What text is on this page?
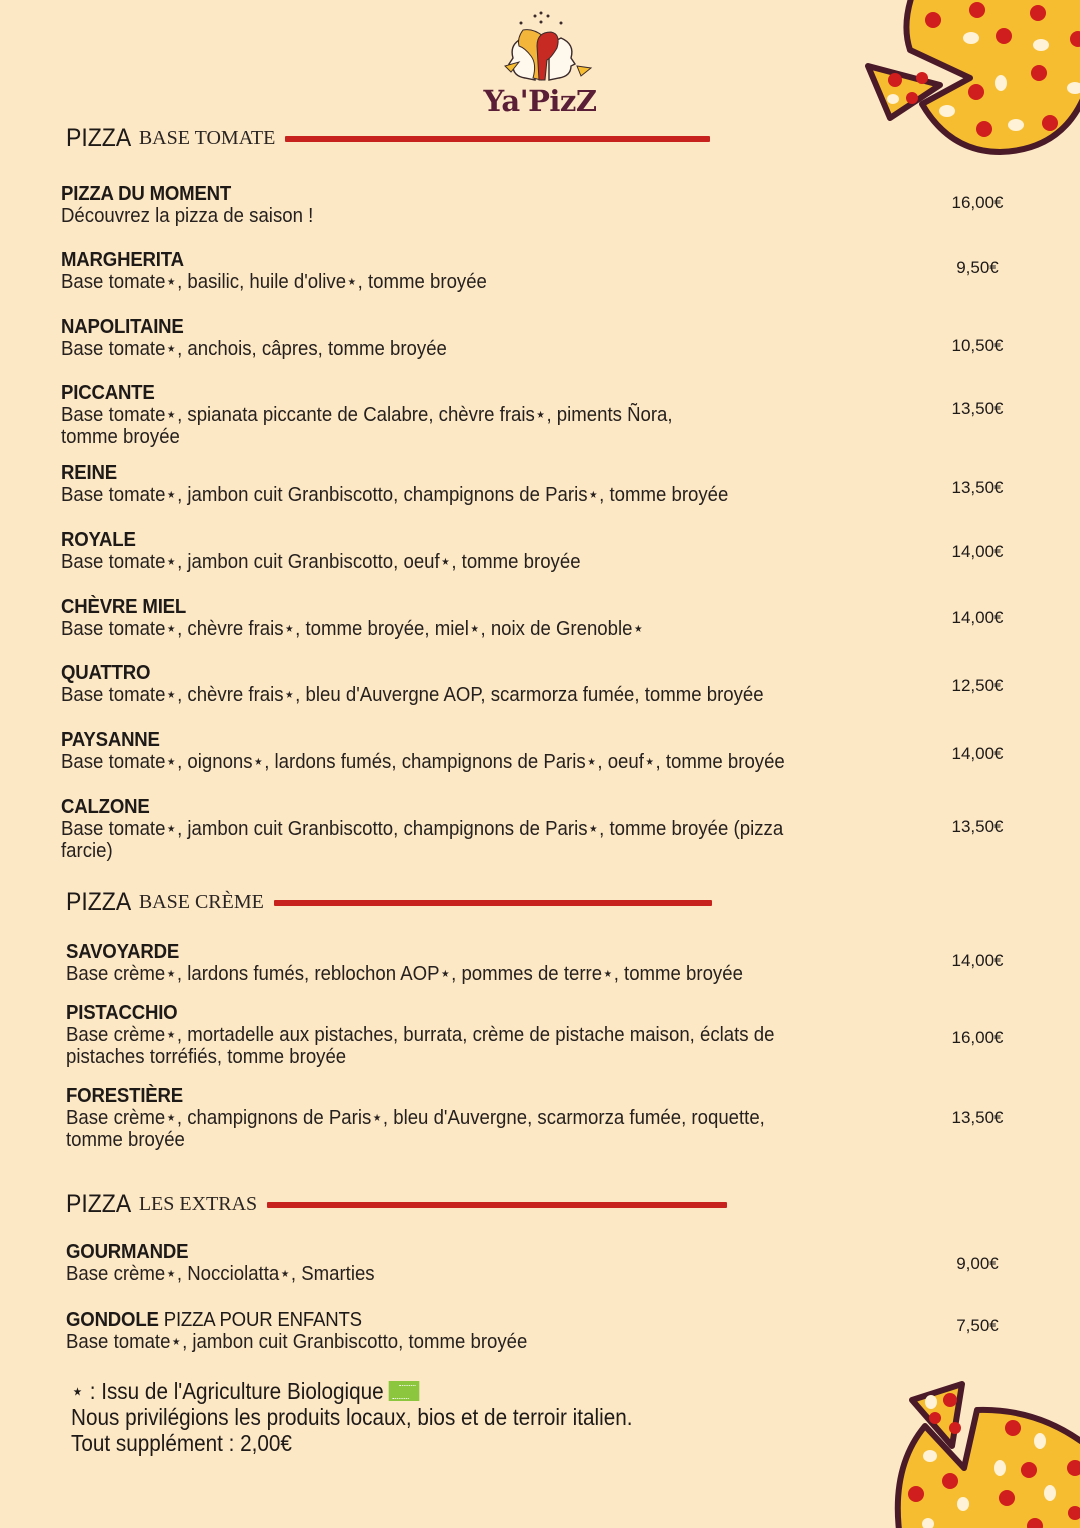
Ya'PizZ
PIZZA BASE TOMATE
PIZZA DU MOMENT
Découvrez la pizza de saison !
16,00€
MARGHERITA
Base tomate⋆, basilic, huile d'olive⋆, tomme broyée
9,50€
NAPOLITAINE
Base tomate⋆, anchois, câpres, tomme broyée	10,50€
PICCANTE
Base tomate⋆, spianata piccante de Calabre, chèvre frais⋆, piments Ñora,
tomme broyée
13,50€
REINE
Base tomate⋆, jambon cuit Granbiscotto, champignons de Paris⋆, tomme broyée	13,50€
ROYALE
Base tomate⋆, jambon cuit Granbiscotto, oeuf⋆, tomme broyée	14,00€
CHÈVRE MIEL
Base tomate⋆, chèvre frais⋆, tomme broyée, miel⋆, noix de Grenoble⋆
14,00€
QUATTRO
Base tomate⋆, chèvre frais⋆, bleu d'Auvergne AOP, scarmorza fumée, tomme broyée	12,50€
PAYSANNE
Base tomate⋆, oignons⋆, lardons fumés, champignons de Paris⋆, oeuf⋆, tomme broyée	14,00€
CALZONE
Base tomate⋆, jambon cuit Granbiscotto, champignons de Paris⋆, tomme broyée (pizza
farcie)
13,50€
PIZZA BASE CRÈME
SAVOYARDE
Base crème⋆, lardons fumés, reblochon AOP⋆, pommes de terre⋆, tomme broyée
14,00€
PISTACCHIO
Base crème⋆, mortadelle aux pistaches, burrata, crème de pistache maison, éclats de
pistaches torréfiés, tomme broyée
16,00€
FORESTIÈRE
Base crème⋆, champignons de Paris⋆, bleu d'Auvergne, scarmorza fumée, roquette,
tomme broyée
13,50€
PIZZA LES EXTRAS
GOURMANDE
Base crème⋆, Nocciolatta⋆, Smarties	9,00€
GONDOLE PIZZA POUR ENFANTS
Base tomate⋆, jambon cuit Granbiscotto, tomme broyée
7,50€
⋆ : Issu de l'Agriculture Biologique
Nous privilégions les produits locaux, bios et de terroir italien.
Tout supplément : 2,00€
